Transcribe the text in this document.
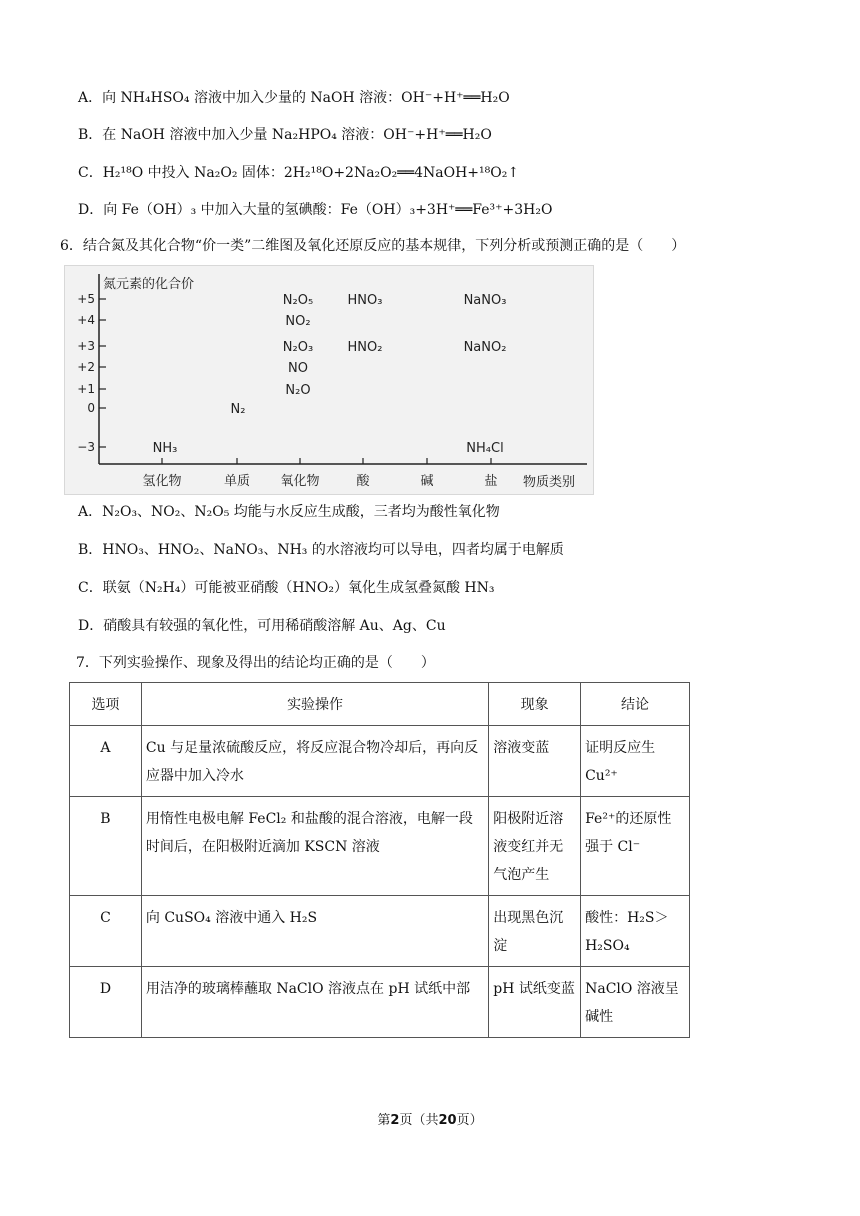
A．向 NH₄HSO₄ 溶液中加入少量的 NaOH 溶液：OH⁻+H⁺══H₂O
B．在 NaOH 溶液中加入少量 Na₂HPO₄ 溶液：OH⁻+H⁺══H₂O
C．H₂¹⁸O 中投入 Na₂O₂ 固体：2H₂¹⁸O+2Na₂O₂══4NaOH+¹⁸O₂↑
D．向 Fe（OH）₃ 中加入大量的氢碘酸：Fe（OH）₃+3H⁺══Fe³⁺+3H₂O
6．结合氮及其化合物“价一类”二维图及氧化还原反应的基本规律，下列分析或预测正确的是（　　）
氮元素的化合价
物质类别
+5
+4
+3
+2
+1
0
−3
氢化物	单质 氧化物	酸	碱	盐
N₂O₅	HNO₃	NaNO₃
NO₂
N₂O₃	HNO₂	NaNO₂
NO
N₂O
N₂
NH₃	NH₄Cl
A．N₂O₃、NO₂、N₂O₅ 均能与水反应生成酸，三者均为酸性氧化物
B．HNO₃、HNO₂、NaNO₃、NH₃ 的水溶液均可以导电，四者均属于电解质
C．联氨（N₂H₄）可能被亚硝酸（HNO₂）氧化生成氢叠氮酸 HN₃
D．硝酸具有较强的氧化性，可用稀硝酸溶解 Au、Ag、Cu
7．下列实验操作、现象及得出的结论均正确的是（　　）
选项	实验操作	现象	结论
A	Cu 与足量浓硫酸反应，将反应混合物冷却后，再向反应器中加入冷水	溶液变蓝	证明反应生 Cu²⁺
B	用惰性电极电解 FeCl₂ 和盐酸的混合溶液，电解一段时间后，在阳极附近滴加 KSCN 溶液	阳极附近溶液变红并无气泡产生	Fe²⁺的还原性强于 Cl⁻
C	向 CuSO₄ 溶液中通入 H₂S	出现黑色沉淀	酸性：H₂S＞H₂SO₄
D	用洁净的玻璃棒蘸取 NaClO 溶液点在 pH 试纸中部	pH 试纸变蓝	NaClO 溶液呈碱性
第2页（共20页）
